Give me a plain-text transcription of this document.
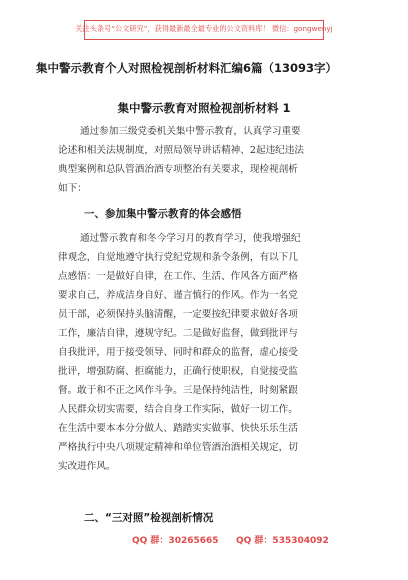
关注头条号“公文研究”，获得最新最全最专业的公文资料库！ 微信：gongwenyj
集中警示教育个人对照检视剖析材料汇编6篇（13093字）
集中警示教育对照检视剖析材料 1
通过参加三级党委机关集中警示教育，认真学习重要
论述和相关法规制度，对照局领导讲话精神、2起违纪违法
典型案例和总队管酒治酒专项整治有关要求，现检视剖析
如下：
一、参加集中警示教育的体会感悟
通过警示教育和冬今学习月的教育学习，使我增强纪
律观念，自觉地遵守执行党纪党规和条令条例，有以下几
点感悟：一是做好自律，在工作、生活、作风各方面严格
要求自己，养成洁身自好、谨言慎行的作风。作为一名党
员干部，必须保持头脑清醒，一定要按纪律要求做好各项
工作，廉洁自律，遵规守纪。二是做好监督，做到批评与
自我批评，用于接受领导、同时和群众的监督，虚心接受
批评，增强防腐、拒腐能力，正确行使职权，自觉接受监
督。敢于和不正之风作斗争。三是保持纯洁性，时刻紧跟
人民群众切实需要，结合自身工作实际，做好一切工作。
在生活中要本本分分做人、踏踏实实做事、快快乐乐生活
严格执行中央八项规定精神和单位管酒治酒相关规定，切
实改进作风。
二、“三对照”检视剖析情况
QQ 群：30265665 QQ 群：535304092
